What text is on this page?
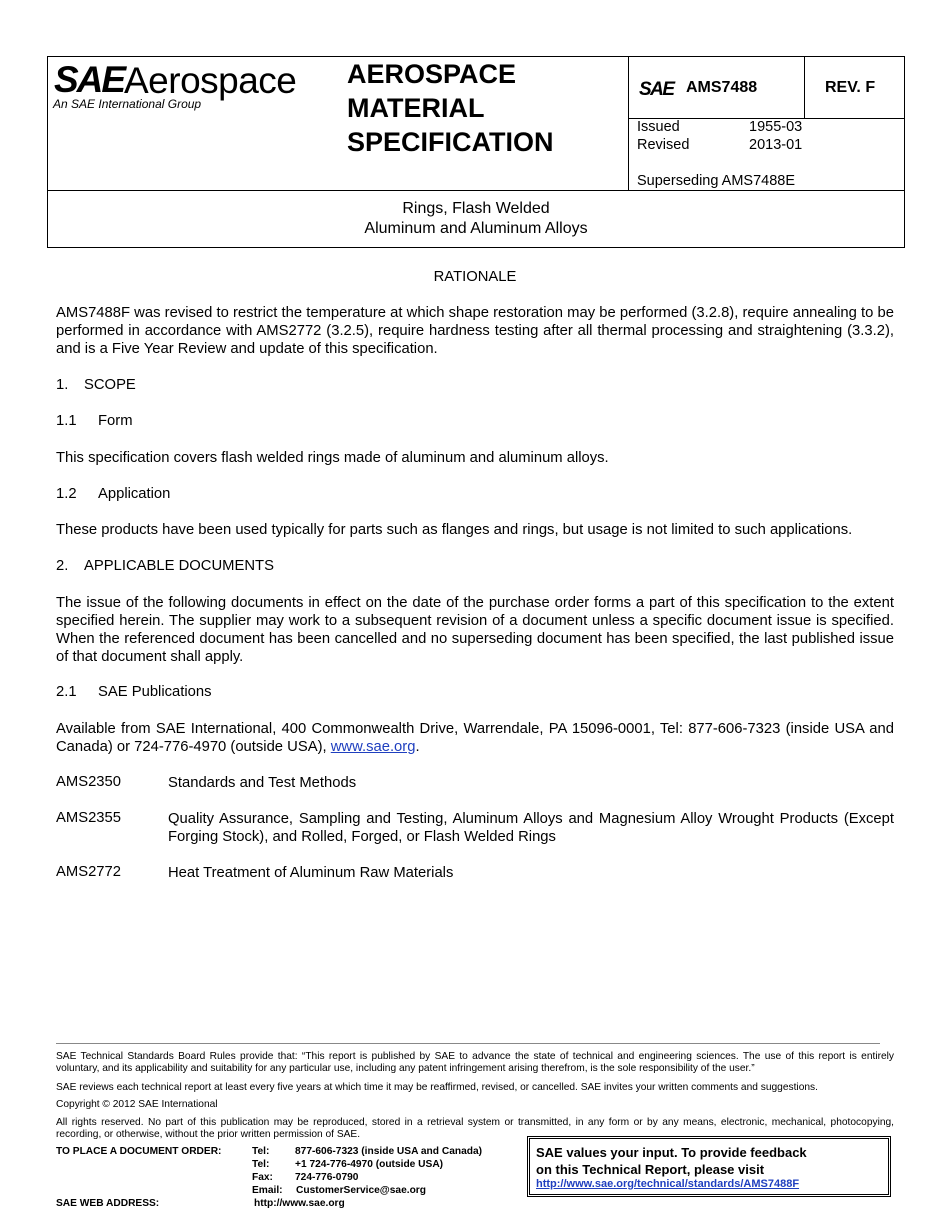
SAE Aerospace
An SAE International Group
AEROSPACE
MATERIAL
SPECIFICATION
SAE AMS7488	REV. F
Issued	1955-03
Revised	2013-01
Superseding AMS7488E
Rings, Flash Welded
Aluminum and Aluminum Alloys
RATIONALE
AMS7488F was revised to restrict the temperature at which shape restoration may be performed (3.2.8), require annealing to be performed in accordance with AMS2772 (3.2.5), require hardness testing after all thermal processing and straightening (3.3.2), and is a Five Year Review and update of this specification.
1. SCOPE
1.1 Form
This specification covers flash welded rings made of aluminum and aluminum alloys.
1.2 Application
These products have been used typically for parts such as flanges and rings, but usage is not limited to such applications.
2. APPLICABLE DOCUMENTS
The issue of the following documents in effect on the date of the purchase order forms a part of this specification to the extent specified herein. The supplier may work to a subsequent revision of a document unless a specific document issue is specified. When the referenced document has been cancelled and no superseding document has been specified, the last published issue of that document shall apply.
2.1 SAE Publications
Available from SAE International, 400 Commonwealth Drive, Warrendale, PA 15096-0001, Tel: 877-606-7323 (inside USA and Canada) or 724-776-4970 (outside USA), www.sae.org.
AMS2350	Standards and Test Methods
AMS2355	Quality Assurance, Sampling and Testing, Aluminum Alloys and Magnesium Alloy Wrought Products (Except Forging Stock), and Rolled, Forged, or Flash Welded Rings
AMS2772	Heat Treatment of Aluminum Raw Materials
SAE Technical Standards Board Rules provide that: “This report is published by SAE to advance the state of technical and engineering sciences. The use of this report is entirely voluntary, and its applicability and suitability for any particular use, including any patent infringement arising therefrom, is the sole responsibility of the user.”
SAE reviews each technical report at least every five years at which time it may be reaffirmed, revised, or cancelled. SAE invites your written comments and suggestions.
Copyright © 2012 SAE International
All rights reserved. No part of this publication may be reproduced, stored in a retrieval system or transmitted, in any form or by any means, electronic, mechanical, photocopying, recording, or otherwise, without the prior written permission of SAE.
TO PLACE A DOCUMENT ORDER:	Tel:	877-606-7323 (inside USA and Canada)
Tel:	+1 724-776-4970 (outside USA)
Fax: 724-776-0790
Email: CustomerService@sae.org
SAE WEB ADDRESS:	http://www.sae.org
SAE values your input. To provide feedback
on this Technical Report, please visit
http://www.sae.org/technical/standards/AMS7488F
